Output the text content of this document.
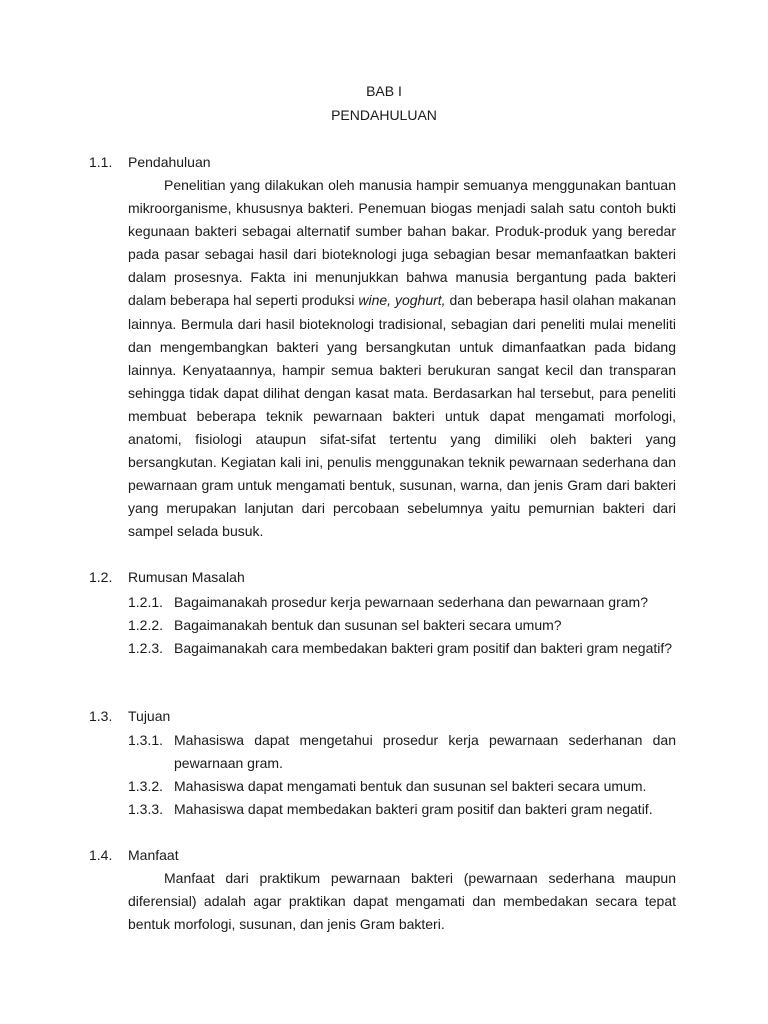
BAB I
PENDAHULUAN
1.1. Pendahuluan
Penelitian yang dilakukan oleh manusia hampir semuanya menggunakan bantuan mikroorganisme, khususnya bakteri. Penemuan biogas menjadi salah satu contoh bukti kegunaan bakteri sebagai alternatif sumber bahan bakar. Produk-produk yang beredar pada pasar sebagai hasil dari bioteknologi juga sebagian besar memanfaatkan bakteri dalam prosesnya. Fakta ini menunjukkan bahwa manusia bergantung pada bakteri dalam beberapa hal seperti produksi wine, yoghurt, dan beberapa hasil olahan makanan lainnya. Bermula dari hasil bioteknologi tradisional, sebagian dari peneliti mulai meneliti dan mengembangkan bakteri yang bersangkutan untuk dimanfaatkan pada bidang lainnya. Kenyataannya, hampir semua bakteri berukuran sangat kecil dan transparan sehingga tidak dapat dilihat dengan kasat mata. Berdasarkan hal tersebut, para peneliti membuat beberapa teknik pewarnaan bakteri untuk dapat mengamati morfologi, anatomi, fisiologi ataupun sifat-sifat tertentu yang dimiliki oleh bakteri yang bersangkutan. Kegiatan kali ini, penulis menggunakan teknik pewarnaan sederhana dan pewarnaan gram untuk mengamati bentuk, susunan, warna, dan jenis Gram dari bakteri yang merupakan lanjutan dari percobaan sebelumnya yaitu pemurnian bakteri dari sampel selada busuk.
1.2. Rumusan Masalah
1.2.1. Bagaimanakah prosedur kerja pewarnaan sederhana dan pewarnaan gram?
1.2.2. Bagaimanakah bentuk dan susunan sel bakteri secara umum?
1.2.3. Bagaimanakah cara membedakan bakteri gram positif dan bakteri gram negatif?
1.3. Tujuan
1.3.1. Mahasiswa dapat mengetahui prosedur kerja pewarnaan sederhanan dan pewarnaan gram.
1.3.2. Mahasiswa dapat mengamati bentuk dan susunan sel bakteri secara umum.
1.3.3. Mahasiswa dapat membedakan bakteri gram positif dan bakteri gram negatif.
1.4. Manfaat
Manfaat dari praktikum pewarnaan bakteri (pewarnaan sederhana maupun diferensial) adalah agar praktikan dapat mengamati dan membedakan secara tepat bentuk morfologi, susunan, dan jenis Gram bakteri.
